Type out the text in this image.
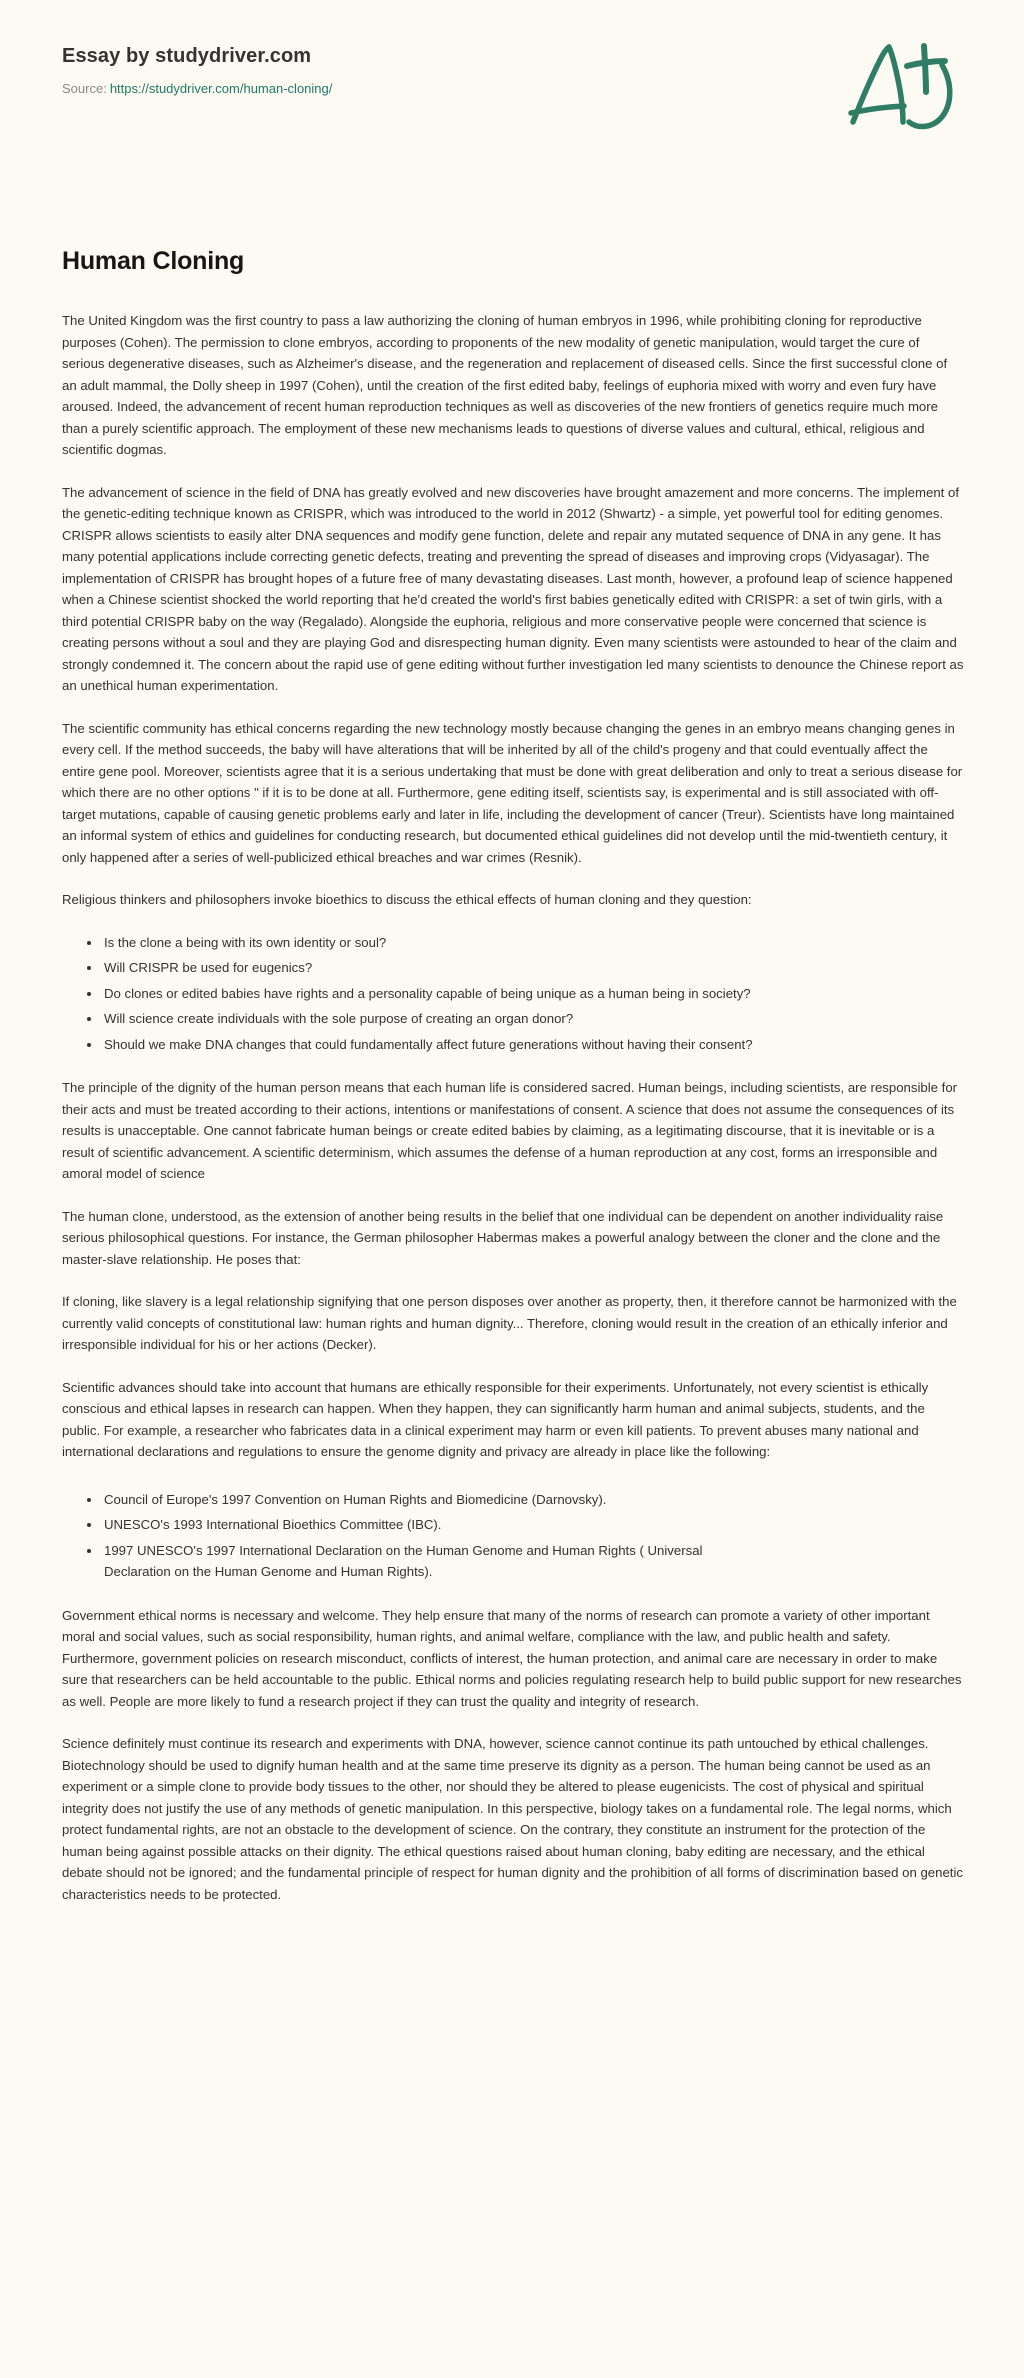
Essay by studydriver.com
Source: https://studydriver.com/human-cloning/
Human Cloning

The United Kingdom was the first country to pass a law authorizing the cloning of human embryos in 1996, while prohibiting cloning for reproductive purposes (Cohen). The permission to clone embryos, according to proponents of the new modality of genetic manipulation, would target the cure of serious degenerative diseases, such as Alzheimer's disease, and the regeneration and replacement of diseased cells. Since the first successful clone of an adult mammal, the Dolly sheep in 1997 (Cohen), until the creation of the first edited baby, feelings of euphoria mixed with worry and even fury have aroused. Indeed, the advancement of recent human reproduction techniques as well as discoveries of the new frontiers of genetics require much more than a purely scientific approach. The employment of these new mechanisms leads to questions of diverse values and cultural, ethical, religious and scientific dogmas.

The advancement of science in the field of DNA has greatly evolved and new discoveries have brought amazement and more concerns. The implement of the genetic-editing technique known as CRISPR, which was introduced to the world in 2012 (Shwartz) - a simple, yet powerful tool for editing genomes. CRISPR allows scientists to easily alter DNA sequences and modify gene function, delete and repair any mutated sequence of DNA in any gene. It has many potential applications include correcting genetic defects, treating and preventing the spread of diseases and improving crops (Vidyasagar). The implementation of CRISPR has brought hopes of a future free of many devastating diseases. Last month, however, a profound leap of science happened when a Chinese scientist shocked the world reporting that he'd created the world's first babies genetically edited with CRISPR: a set of twin girls, with a third potential CRISPR baby on the way (Regalado). Alongside the euphoria, religious and more conservative people were concerned that science is creating persons without a soul and they are playing God and disrespecting human dignity. Even many scientists were astounded to hear of the claim and strongly condemned it. The concern about the rapid use of gene editing without further investigation led many scientists to denounce the Chinese report as an unethical human experimentation.

The scientific community has ethical concerns regarding the new technology mostly because changing the genes in an embryo means changing genes in every cell. If the method succeeds, the baby will have alterations that will be inherited by all of the child's progeny and that could eventually affect the entire gene pool. Moreover, scientists agree that it is a serious undertaking that must be done with great deliberation and only to treat a serious disease for which there are no other options " if it is to be done at all. Furthermore, gene editing itself, scientists say, is experimental and is still associated with off-target mutations, capable of causing genetic problems early and later in life, including the development of cancer (Treur). Scientists have long maintained an informal system of ethics and guidelines for conducting research, but documented ethical guidelines did not develop until the mid-twentieth century, it only happened after a series of well-publicized ethical breaches and war crimes (Resnik).

Religious thinkers and philosophers invoke bioethics to discuss the ethical effects of human cloning and they question:

Is the clone a being with its own identity or soul?
Will CRISPR be used for eugenics?
Do clones or edited babies have rights and a personality capable of being unique as a human being in society?
Will science create individuals with the sole purpose of creating an organ donor?
Should we make DNA changes that could fundamentally affect future generations without having their consent?

The principle of the dignity of the human person means that each human life is considered sacred. Human beings, including scientists, are responsible for their acts and must be treated according to their actions, intentions or manifestations of consent. A science that does not assume the consequences of its results is unacceptable. One cannot fabricate human beings or create edited babies by claiming, as a legitimating discourse, that it is inevitable or is a result of scientific advancement. A scientific determinism, which assumes the defense of a human reproduction at any cost, forms an irresponsible and amoral model of science

The human clone, understood, as the extension of another being results in the belief that one individual can be dependent on another individuality raise serious philosophical questions. For instance, the German philosopher Habermas makes a powerful analogy between the cloner and the clone and the master-slave relationship. He poses that:

If cloning, like slavery is a legal relationship signifying that one person disposes over another as property, then, it therefore cannot be harmonized with the currently valid concepts of constitutional law: human rights and human dignity... Therefore, cloning would result in the creation of an ethically inferior and irresponsible individual for his or her actions (Decker).

Scientific advances should take into account that humans are ethically responsible for their experiments. Unfortunately, not every scientist is ethically conscious and ethical lapses in research can happen. When they happen, they can significantly harm human and animal subjects, students, and the public. For example, a researcher who fabricates data in a clinical experiment may harm or even kill patients. To prevent abuses many national and international declarations and regulations to ensure the genome dignity and privacy are already in place like the following:

Council of Europe's 1997 Convention on Human Rights and Biomedicine (Darnovsky).
UNESCO's 1993 International Bioethics Committee (IBC).
1997 UNESCO's 1997 International Declaration on the Human Genome and Human Rights ( Universal Declaration on the Human Genome and Human Rights).

Government ethical norms is necessary and welcome. They help ensure that many of the norms of research can promote a variety of other important moral and social values, such as social responsibility, human rights, and animal welfare, compliance with the law, and public health and safety. Furthermore, government policies on research misconduct, conflicts of interest, the human protection, and animal care are necessary in order to make sure that researchers can be held accountable to the public. Ethical norms and policies regulating research help to build public support for new researches as well. People are more likely to fund a research project if they can trust the quality and integrity of research.

Science definitely must continue its research and experiments with DNA, however, science cannot continue its path untouched by ethical challenges. Biotechnology should be used to dignify human health and at the same time preserve its dignity as a person. The human being cannot be used as an experiment or a simple clone to provide body tissues to the other, nor should they be altered to please eugenicists. The cost of physical and spiritual integrity does not justify the use of any methods of genetic manipulation. In this perspective, biology takes on a fundamental role. The legal norms, which protect fundamental rights, are not an obstacle to the development of science. On the contrary, they constitute an instrument for the protection of the human being against possible attacks on their dignity. The ethical questions raised about human cloning, baby editing are necessary, and the ethical debate should not be ignored; and the fundamental principle of respect for human dignity and the prohibition of all forms of discrimination based on genetic characteristics needs to be protected.
